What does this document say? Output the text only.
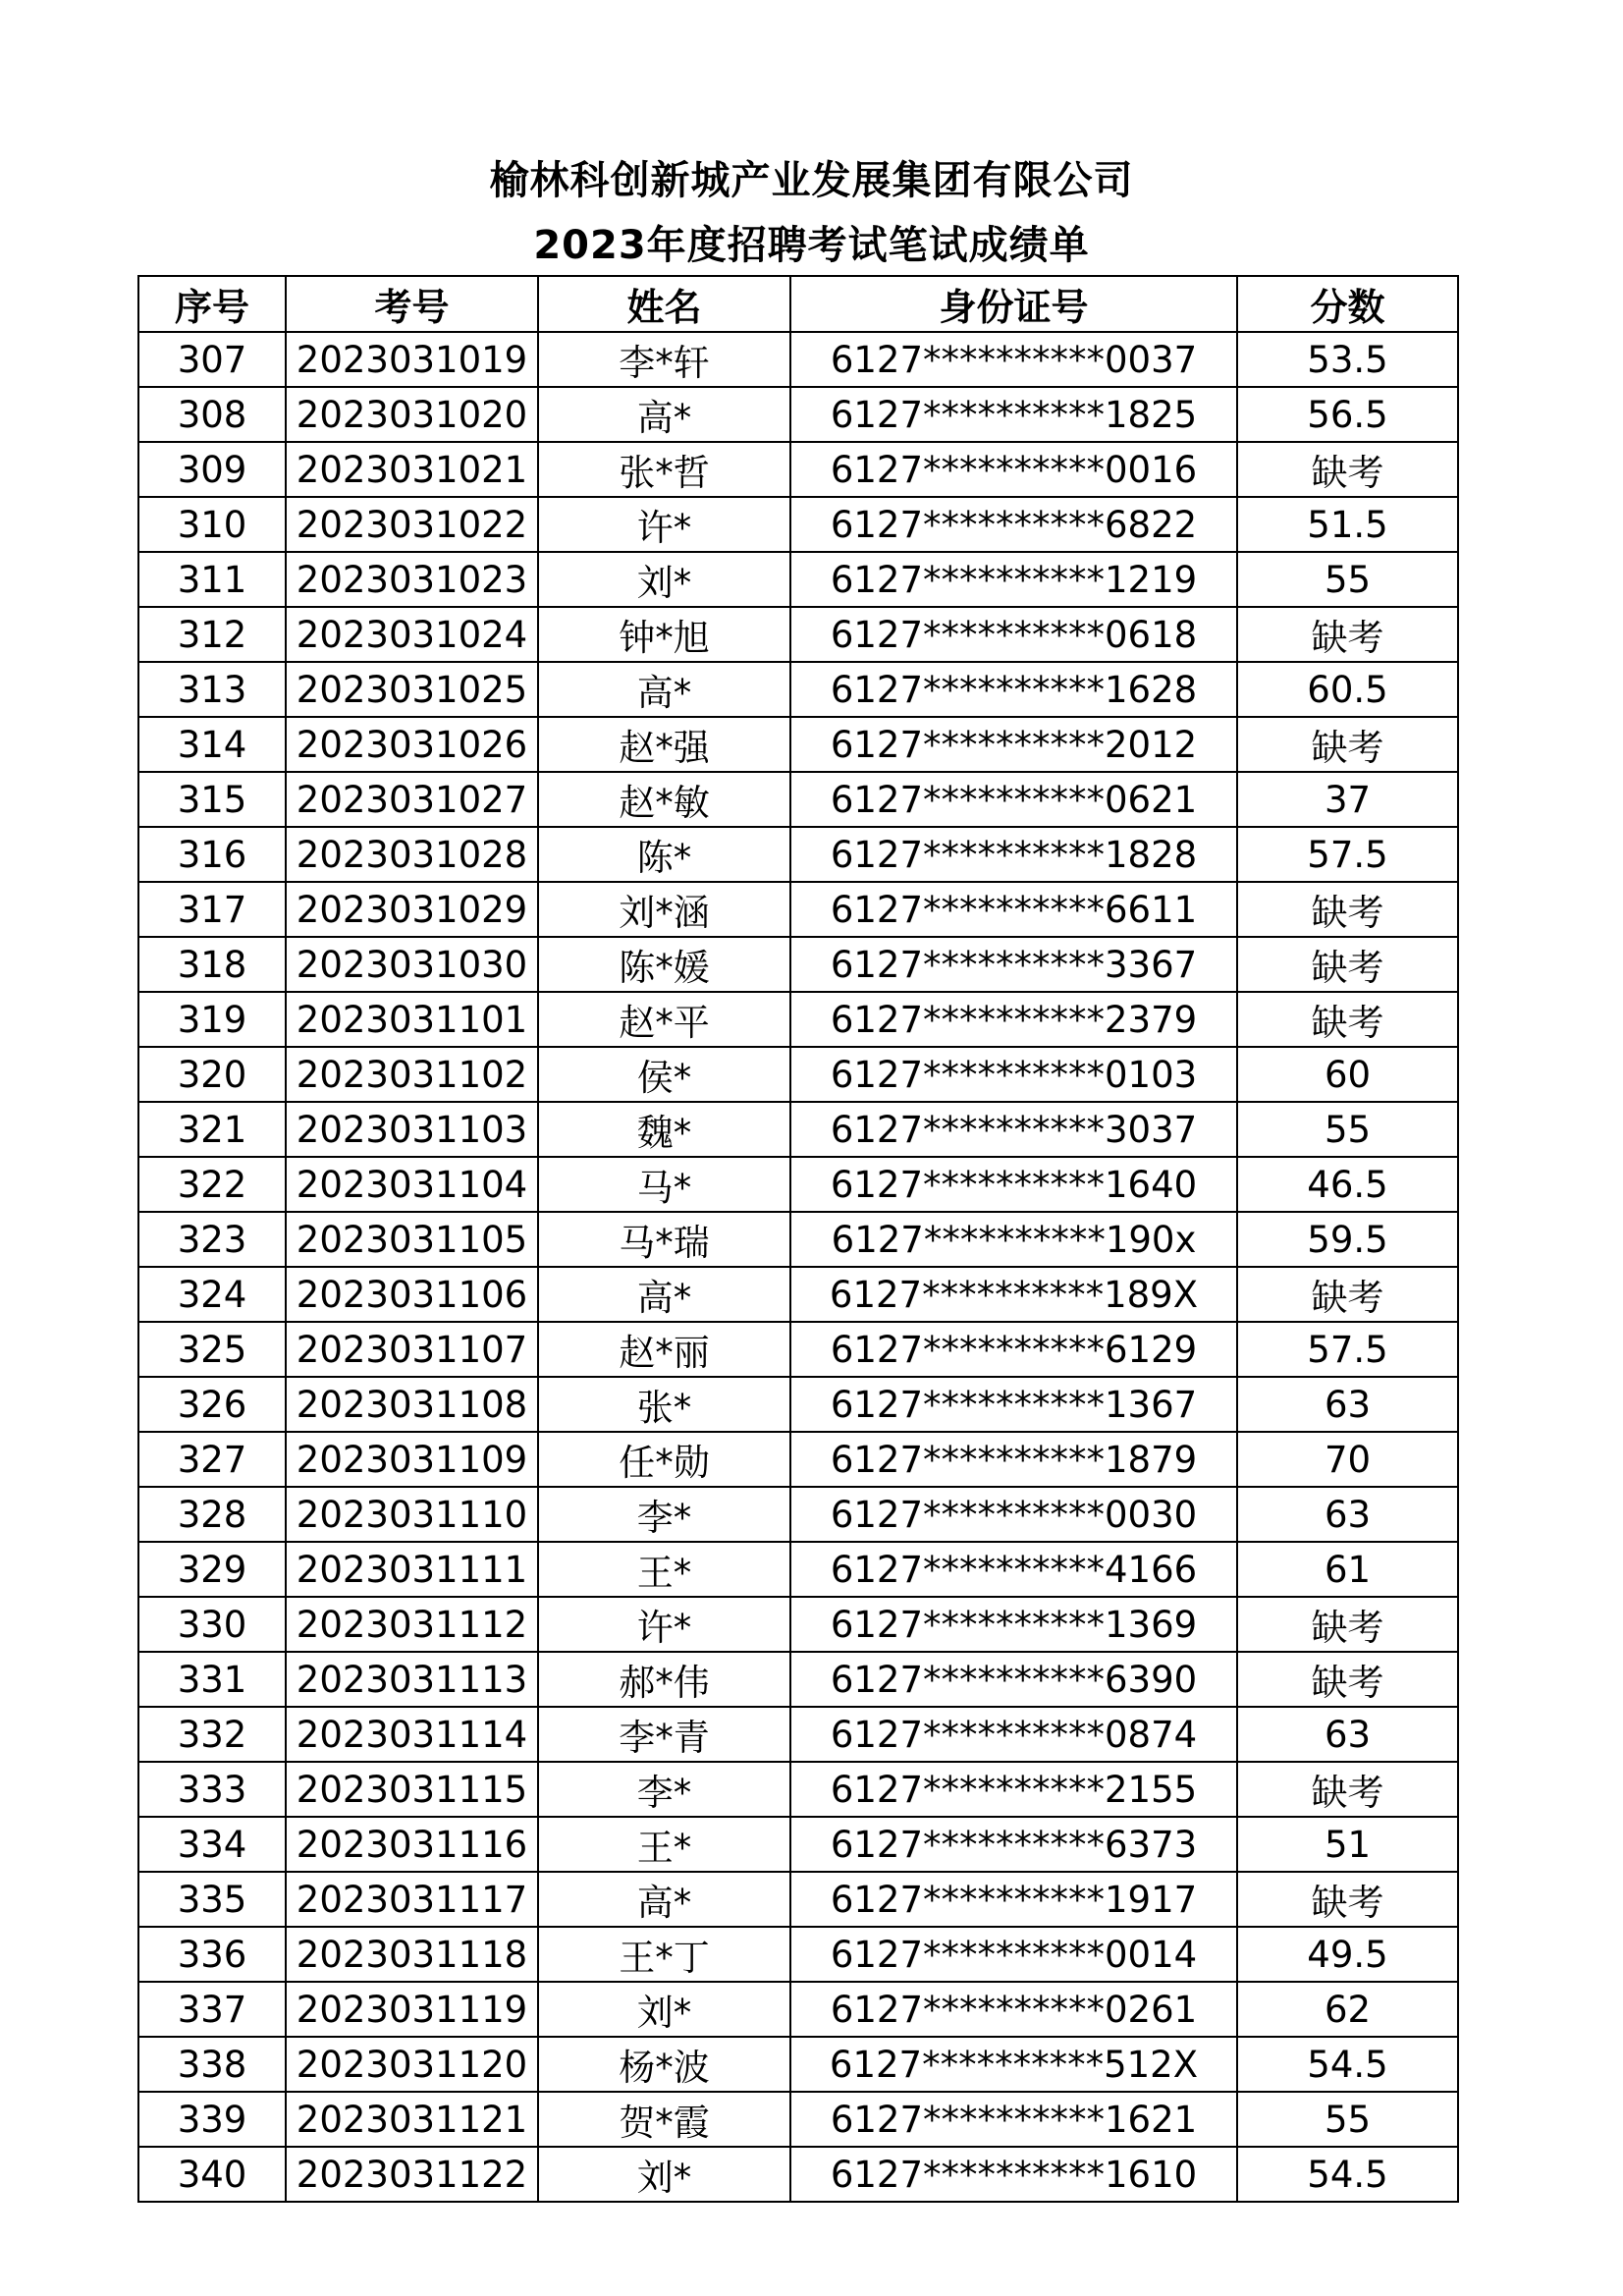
榆林科创新城产业发展集团有限公司
2023年度招聘考试笔试成绩单
序号	考号	姓名	身份证号	分数
307	2023031019	李*轩	6127**********0037	53.5
308	2023031020	高*	6127**********1825	56.5
309	2023031021	张*哲	6127**********0016	缺考
310	2023031022	许*	6127**********6822	51.5
311	2023031023	刘*	6127**********1219	55
312	2023031024	钟*旭	6127**********0618	缺考
313	2023031025	高*	6127**********1628	60.5
314	2023031026	赵*强	6127**********2012	缺考
315	2023031027	赵*敏	6127**********0621	37
316	2023031028	陈*	6127**********1828	57.5
317	2023031029	刘*涵	6127**********6611	缺考
318	2023031030	陈*媛	6127**********3367	缺考
319	2023031101	赵*平	6127**********2379	缺考
320	2023031102	侯*	6127**********0103	60
321	2023031103	魏*	6127**********3037	55
322	2023031104	马*	6127**********1640	46.5
323	2023031105	马*瑞	6127**********190x	59.5
324	2023031106	高*	6127**********189X	缺考
325	2023031107	赵*丽	6127**********6129	57.5
326	2023031108	张*	6127**********1367	63
327	2023031109	任*勋	6127**********1879	70
328	2023031110	李*	6127**********0030	63
329	2023031111	王*	6127**********4166	61
330	2023031112	许*	6127**********1369	缺考
331	2023031113	郝*伟	6127**********6390	缺考
332	2023031114	李*青	6127**********0874	63
333	2023031115	李*	6127**********2155	缺考
334	2023031116	王*	6127**********6373	51
335	2023031117	高*	6127**********1917	缺考
336	2023031118	王*丁	6127**********0014	49.5
337	2023031119	刘*	6127**********0261	62
338	2023031120	杨*波	6127**********512X	54.5
339	2023031121	贺*霞	6127**********1621	55
340	2023031122	刘*	6127**********1610	54.5
